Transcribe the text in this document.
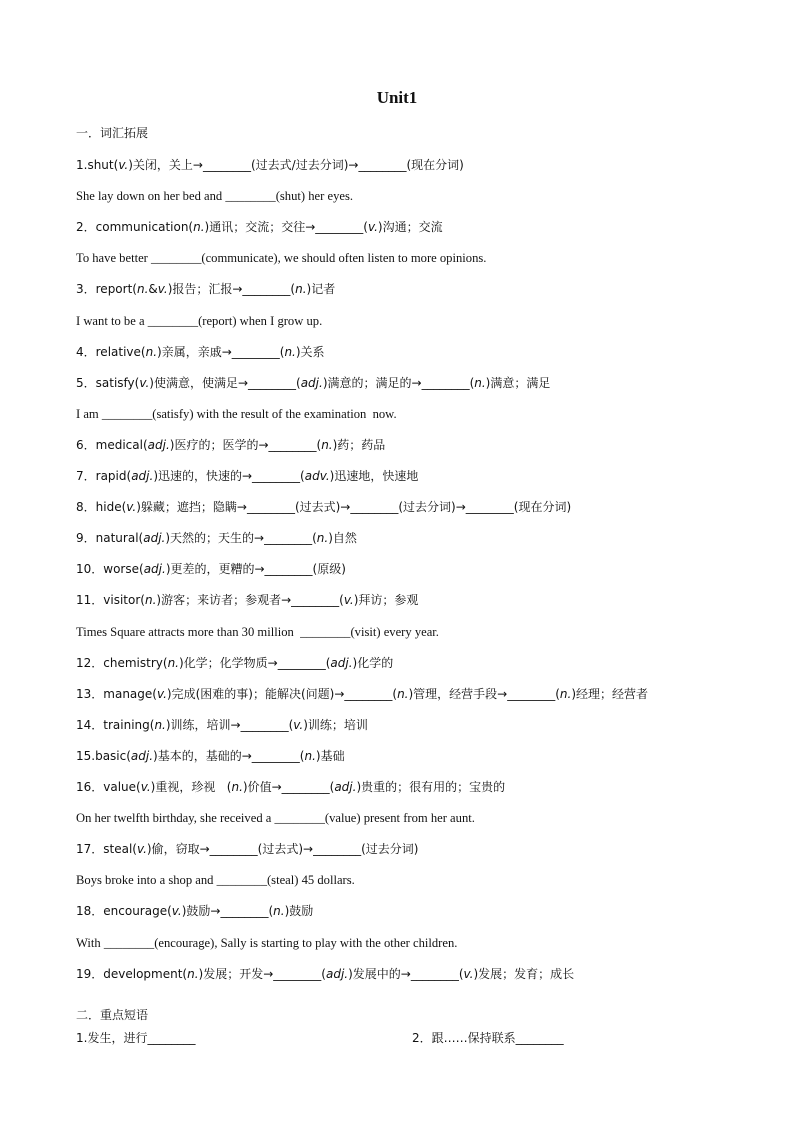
Unit1
一．词汇拓展
1.shut(v.)关闭，关上→________(过去式/过去分词)→________(现在分词)
She lay down on her bed and ________(shut) her eyes.
2．communication(n.)通讯；交流；交往→________(v.)沟通；交流
To have better ________(communicate), we should often listen to more opinions.
3．report(n.&v.)报告；汇报→________(n.)记者
I want to be a ________(report) when I grow up.
4．relative(n.)亲属，亲戚→________(n.)关系
5．satisfy(v.)使满意，使满足→________(adj.)满意的；满足的→________(n.)满意；满足
I am ________(satisfy) with the result of the examination  now.
6．medical(adj.)医疗的；医学的→________(n.)药；药品
7．rapid(adj.)迅速的，快速的→________(adv.)迅速地，快速地
8．hide(v.)躲藏；遮挡；隐瞒→________(过去式)→________(过去分词)→________(现在分词)
9．natural(adj.)天然的；天生的→________(n.)自然
10．worse(adj.)更差的，更糟的→________(原级)
11．visitor(n.)游客；来访者；参观者→________(v.)拜访；参观
Times Square attracts more than 30 million  ________(visit) every year.
12．chemistry(n.)化学；化学物质→________(adj.)化学的
13．manage(v.)完成(困难的事)；能解决(问题)→________(n.)管理，经营手段→________(n.)经理；经营者
14．training(n.)训练，培训→________(v.)训练；培训
15.basic(adj.)基本的，基础的→________(n.)基础
16．value(v.)重视，珍视   (n.)价值→________(adj.)贵重的；很有用的；宝贵的
On her twelfth birthday, she received a ________(value) present from her aunt.
17．steal(v.)偷，窃取→________(过去式)→________(过去分词)
Boys broke into a shop and ________(steal) 45 dollars.
18．encourage(v.)鼓励→________(n.)鼓励
With ________(encourage), Sally is starting to play with the other children.
19．development(n.)发展；开发→________(adj.)发展中的→________(v.)发展；发育；成长
二．重点短语
1.发生，进行________	2．跟……保持联系________
